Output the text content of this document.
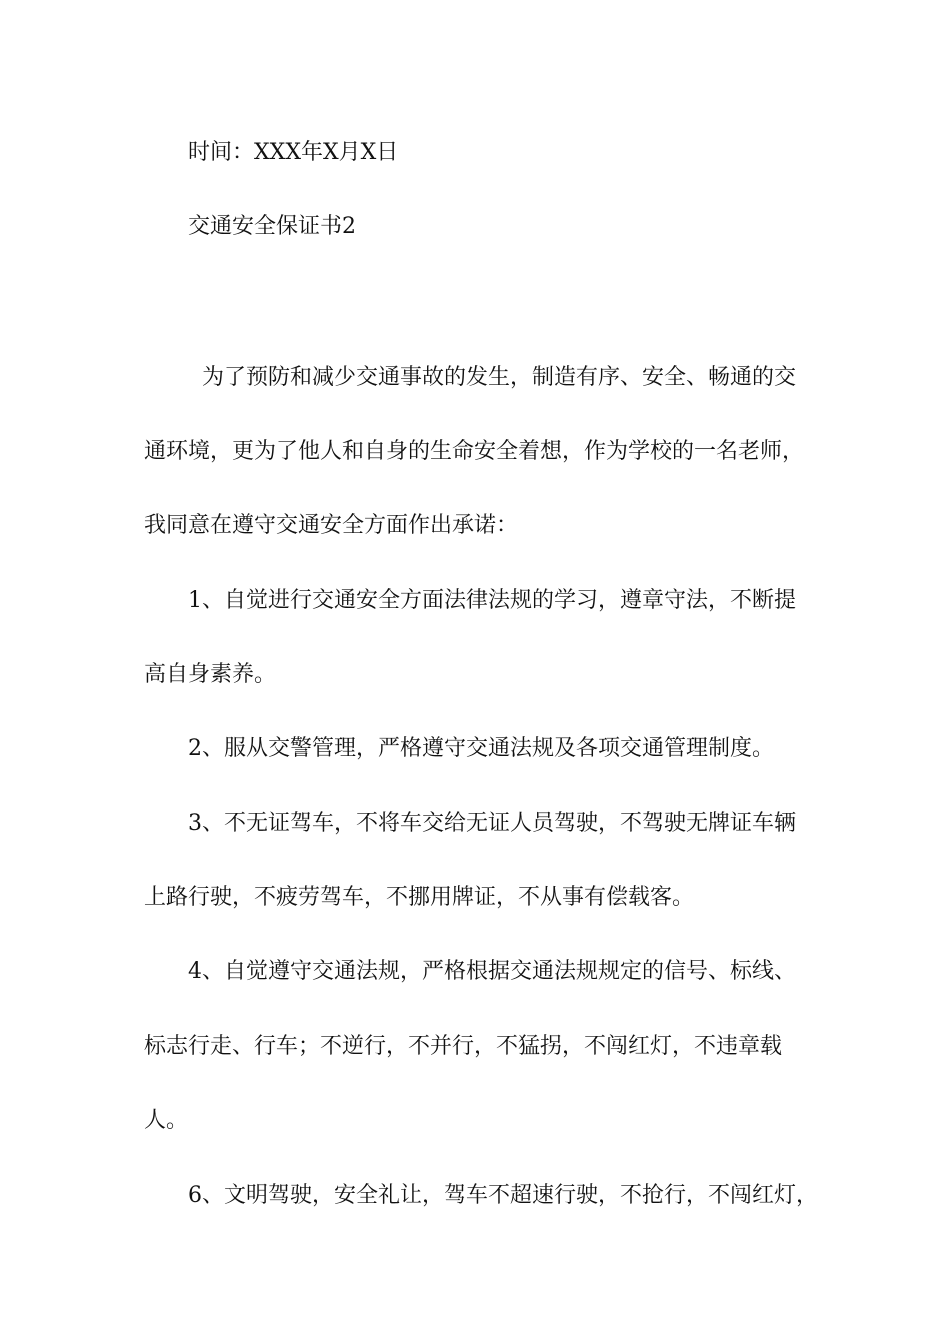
时间：XXX年X月X日
交通安全保证书2
为了预防和减少交通事故的发生，制造有序、安全、畅通的交
通环境，更为了他人和自身的生命安全着想，作为学校的一名老师，
我同意在遵守交通安全方面作出承诺：
1、自觉进行交通安全方面法律法规的学习，遵章守法，不断提
高自身素养。
2、服从交警管理，严格遵守交通法规及各项交通管理制度。
3、不无证驾车，不将车交给无证人员驾驶，不驾驶无牌证车辆
上路行驶，不疲劳驾车，不挪用牌证，不从事有偿载客。
4、自觉遵守交通法规，严格根据交通法规规定的信号、标线、
标志行走、行车；不逆行，不并行，不猛拐，不闯红灯，不违章载
人。
6、文明驾驶，安全礼让，驾车不超速行驶，不抢行，不闯红灯，
